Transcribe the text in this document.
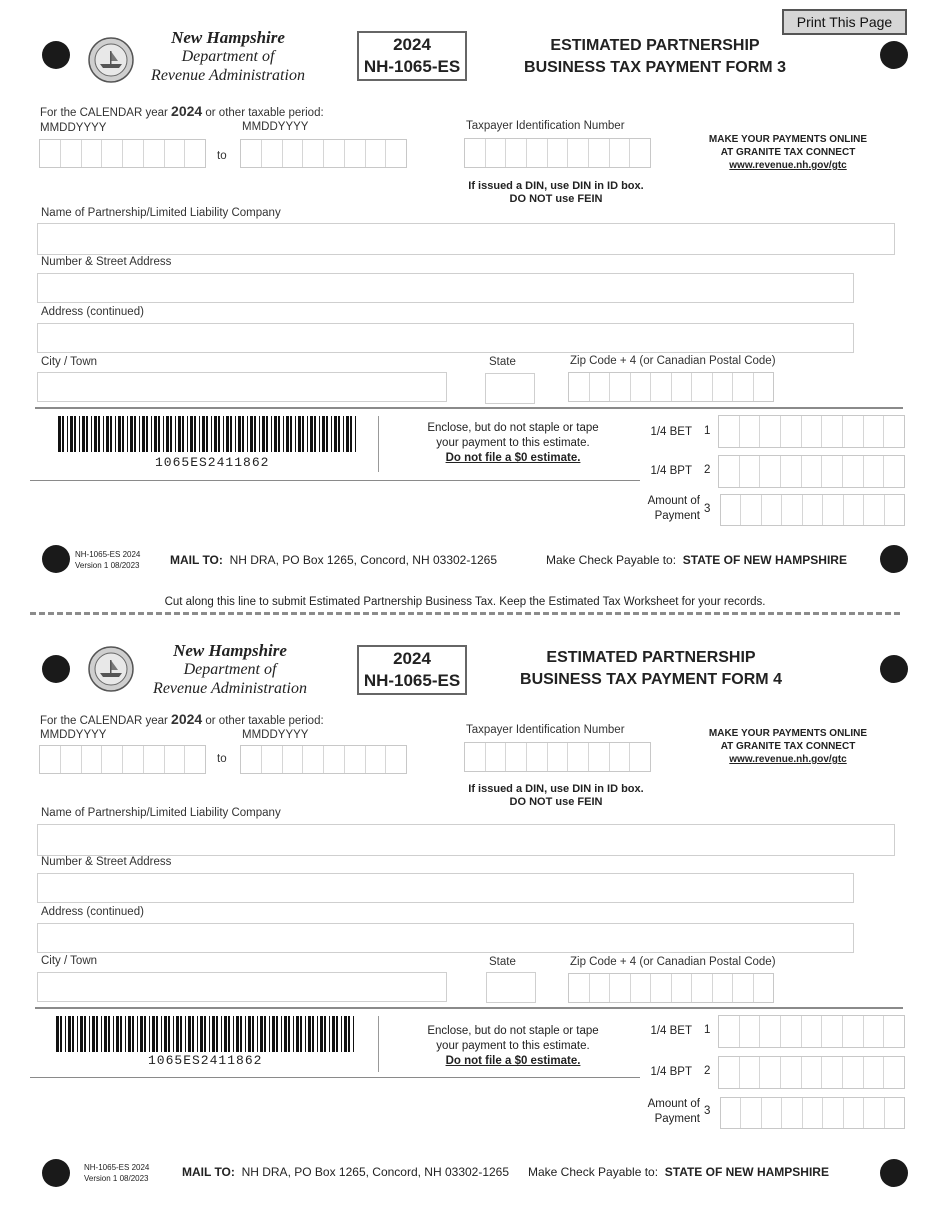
Print This Page
New Hampshire
Department of
Revenue Administration
2024
NH-1065-ES
ESTIMATED PARTNERSHIP
BUSINESS TAX PAYMENT FORM 3
For the CALENDAR year 2024 or other taxable period:
MMDDYYYY	MMDDYYYY
to
Taxpayer Identification Number
If issued a DIN, use DIN in ID box.
DO NOT use FEIN
MAKE YOUR PAYMENTS ONLINE
AT GRANITE TAX CONNECT
www.revenue.nh.gov/gtc
Name of Partnership/Limited Liability Company
Number & Street Address
Address (continued)
City / Town	State	Zip Code + 4 (or Canadian Postal Code)
1065ES2411862
Enclose, but do not staple or tape
your payment to this estimate.
Do not file a $0 estimate.
1/4 BET 1
1/4 BPT 2
Amount of
Payment
3
NH-1065-ES 2024
Version 1 08/2023	MAIL TO: NH DRA, PO Box 1265, Concord, NH 03302-1265	Make Check Payable to: STATE OF NEW HAMPSHIRE
Cut along this line to submit Estimated Partnership Business Tax. Keep the Estimated Tax Worksheet for your records.
New Hampshire
Department of
Revenue Administration
2024
NH-1065-ES
ESTIMATED PARTNERSHIP
BUSINESS TAX PAYMENT FORM 4
For the CALENDAR year 2024 or other taxable period:
MMDDYYYY	MMDDYYYY
to
Taxpayer Identification Number
If issued a DIN, use DIN in ID box.
DO NOT use FEIN
MAKE YOUR PAYMENTS ONLINE
AT GRANITE TAX CONNECT
www.revenue.nh.gov/gtc
Name of Partnership/Limited Liability Company
Number & Street Address
Address (continued)
City / Town	State	Zip Code + 4 (or Canadian Postal Code)
1065ES2411862
Enclose, but do not staple or tape
your payment to this estimate.
Do not file a $0 estimate.
1/4 BET 1
1/4 BPT 2
Amount of
Payment
3
NH-1065-ES 2024
Version 1 08/2023	MAIL TO: NH DRA, PO Box 1265, Concord, NH 03302-1265 Make Check Payable to: STATE OF NEW HAMPSHIRE
